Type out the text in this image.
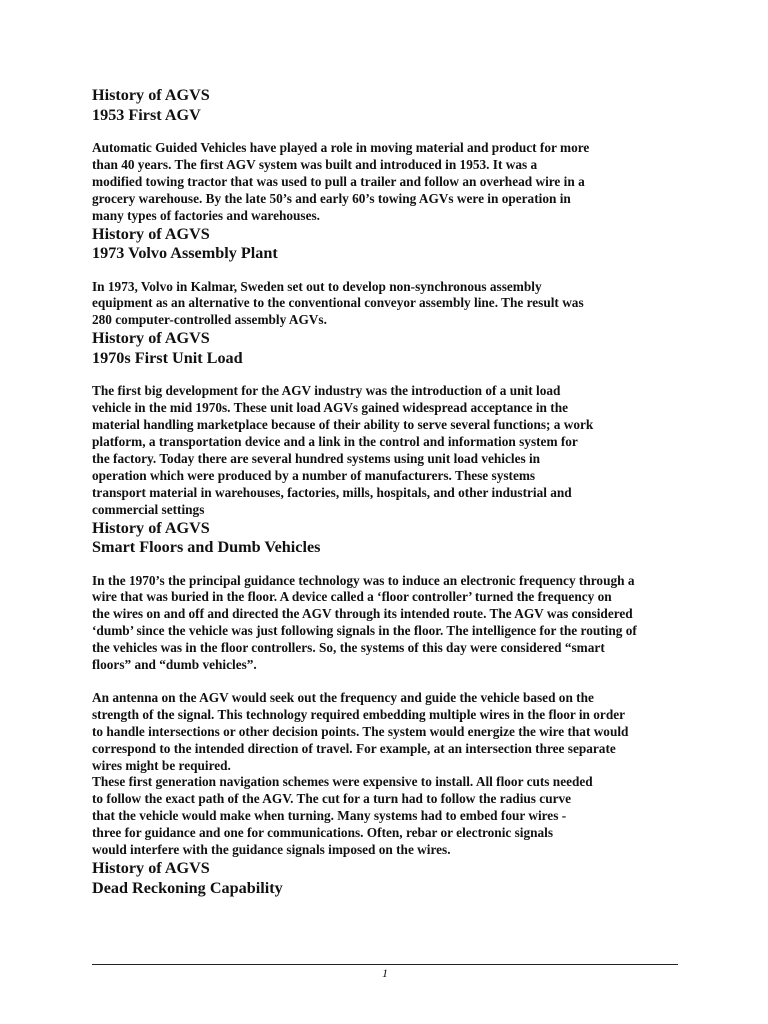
History of AGVS
1953 First AGV

Automatic Guided Vehicles have played a role in moving material and product for more
than 40 years. The first AGV system was built and introduced in 1953. It was a
modified towing tractor that was used to pull a trailer and follow an overhead wire in a
grocery warehouse. By the late 50’s and early 60’s towing AGVs were in operation in
many types of factories and warehouses.

History of AGVS
1973 Volvo Assembly Plant

In 1973, Volvo in Kalmar, Sweden set out to develop non-synchronous assembly
equipment as an alternative to the conventional conveyor assembly line. The result was
280 computer-controlled assembly AGVs.

History of AGVS
1970s First Unit Load

The first big development for the AGV industry was the introduction of a unit load
vehicle in the mid 1970s. These unit load AGVs gained widespread acceptance in the
material handling marketplace because of their ability to serve several functions; a work
platform, a transportation device and a link in the control and information system for
the factory. Today there are several hundred systems using unit load vehicles in
operation which were produced by a number of manufacturers. These systems
transport material in warehouses, factories, mills, hospitals, and other industrial and
commercial settings

History of AGVS
Smart Floors and Dumb Vehicles

In the 1970’s the principal guidance technology was to induce an electronic frequency through a
wire that was buried in the floor. A device called a ‘floor controller’ turned the frequency on
the wires on and off and directed the AGV through its intended route. The AGV was considered
‘dumb’ since the vehicle was just following signals in the floor. The intelligence for the routing of
the vehicles was in the floor controllers. So, the systems of this day were considered “smart
floors” and “dumb vehicles”.

An antenna on the AGV would seek out the frequency and guide the vehicle based on the
strength of the signal. This technology required embedding multiple wires in the floor in order
to handle intersections or other decision points. The system would energize the wire that would
correspond to the intended direction of travel. For example, at an intersection three separate
wires might be required.

These first generation navigation schemes were expensive to install. All floor cuts needed
to follow the exact path of the AGV. The cut for a turn had to follow the radius curve
that the vehicle would make when turning. Many systems had to embed four wires -
three for guidance and one for communications. Often, rebar or electronic signals
would interfere with the guidance signals imposed on the wires.

History of AGVS
Dead Reckoning Capability
1
